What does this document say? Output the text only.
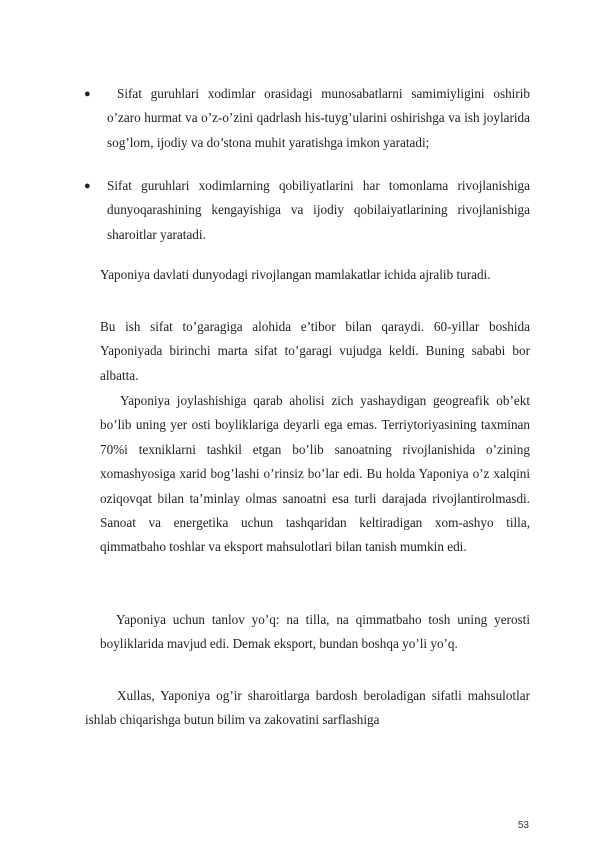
●	Sifat guruhlari xodimlar orasidagi munosabatlarni samimiyligini oshirib o’zaro hurmat va o’z-o’zini qadrlash his-tuyg’ularini oshirishga va ish joylarida sog’lom, ijodiy va do’stona muhit yaratishga imkon yaratadi;

● Sifat guruhlari xodimlarning qobiliyatlarini har tomonlama rivojlanishiga dunyoqarashining kengayishiga va ijodiy qobilaiyatlarining rivojlanishiga sharoitlar yaratadi.

Yaponiya davlati dunyodagi rivojlangan mamlakatlar ichida ajralib turadi.

Bu ish sifat to’garagiga alohida e’tibor bilan qaraydi. 60-yillar boshida Yaponiyada birinchi marta sifat to’garagi vujudga keldi. Buning sababi bor albatta.

Yaponiya joylashishiga qarab aholisi zich yashaydigan geogreafik ob’ekt bo’lib uning yer osti boyliklariga deyarli ega emas. Terriytoriyasining taxminan 70%i texniklarni tashkil etgan bo’lib sanoatning rivojlanishida o’zining xomashyosiga xarid bog’lashi o’rinsiz bo’lar edi. Bu holda Yaponiya o’z xalqini oziqovqat bilan ta’minlay olmas sanoatni esa turli darajada rivojlantirolmasdi. Sanoat va energetika uchun tashqaridan keltiradigan xom-ashyo tilla, qimmatbaho toshlar va eksport mahsulotlari bilan tanish mumkin edi.

Yaponiya uchun tanlov yo’q: na tilla, na qimmatbaho tosh uning yerosti boyliklarida mavjud edi. Demak eksport, bundan boshqa yo’li yo’q.

Xullas, Yaponiya og’ir sharoitlarga bardosh beroladigan sifatli mahsulotlar ishlab chiqarishga butun bilim va zakovatini sarflashiga

53
